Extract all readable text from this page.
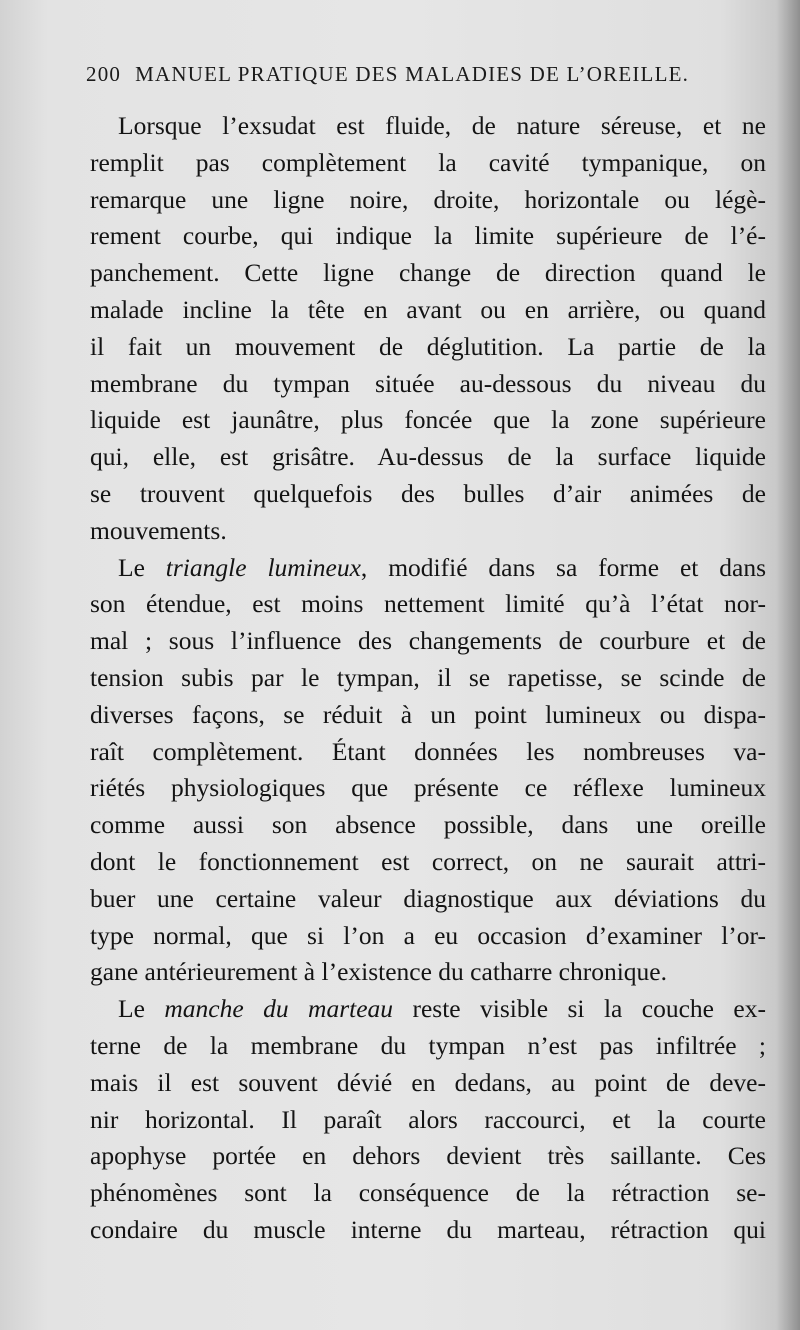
200 MANUEL PRATIQUE DES MALADIES DE L’OREILLE.
Lorsque l’exsudat est fluide, de nature séreuse, et ne
remplit pas complètement la cavité tympanique, on
remarque une ligne noire, droite, horizontale ou légè-
rement courbe, qui indique la limite supérieure de l’é-
panchement. Cette ligne change de direction quand le
malade incline la tête en avant ou en arrière, ou quand
il fait un mouvement de déglutition. La partie de la
membrane du tympan située au-dessous du niveau du
liquide est jaunâtre, plus foncée que la zone supérieure
qui, elle, est grisâtre. Au-dessus de la surface liquide
se trouvent quelquefois des bulles d’air animées de
mouvements.
Le triangle lumineux, modifié dans sa forme et dans
son étendue, est moins nettement limité qu’à l’état nor-
mal ; sous l’influence des changements de courbure et de
tension subis par le tympan, il se rapetisse, se scinde de
diverses façons, se réduit à un point lumineux ou dispa-
raît complètement. Étant données les nombreuses va-
riétés physiologiques que présente ce réflexe lumineux
comme aussi son absence possible, dans une oreille
dont le fonctionnement est correct, on ne saurait attri-
buer une certaine valeur diagnostique aux déviations du
type normal, que si l’on a eu occasion d’examiner l’or-
gane antérieurement à l’existence du catharre chronique.
Le manche du marteau reste visible si la couche ex-
terne de la membrane du tympan n’est pas infiltrée ;
mais il est souvent dévié en dedans, au point de deve-
nir horizontal. Il paraît alors raccourci, et la courte
apophyse portée en dehors devient très saillante. Ces
phénomènes sont la conséquence de la rétraction se-
condaire du muscle interne du marteau, rétraction qui
